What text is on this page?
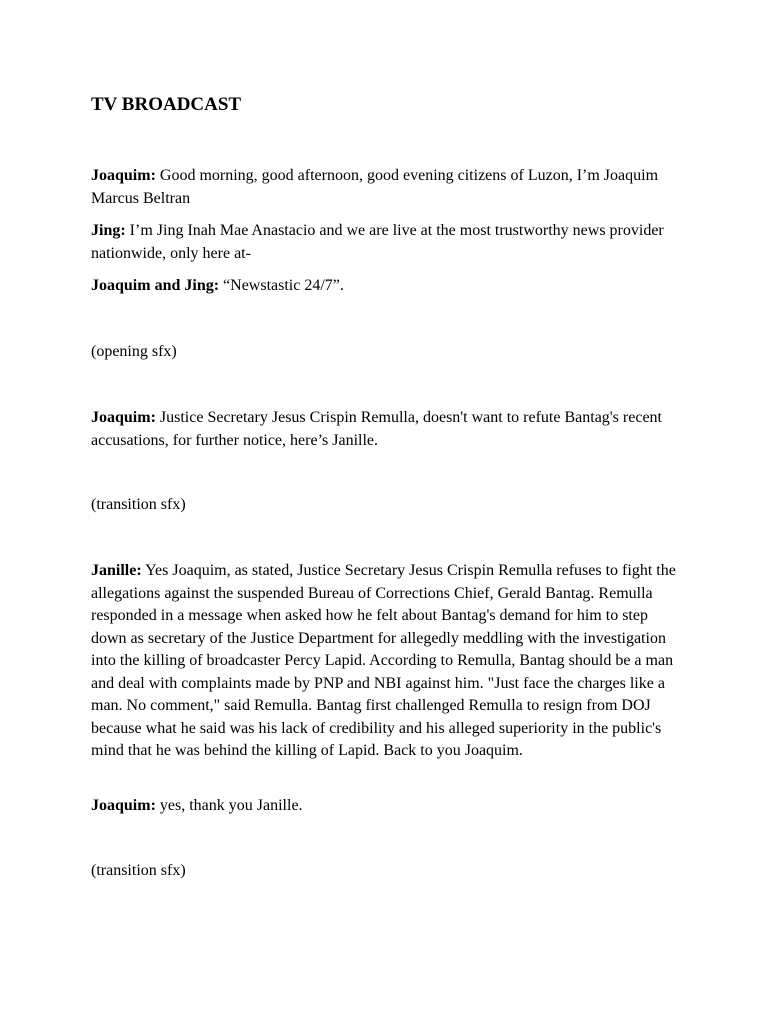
TV BROADCAST

Joaquim: Good morning, good afternoon, good evening citizens of Luzon, I’m Joaquim Marcus Beltran

Jing: I’m Jing Inah Mae Anastacio and we are live at the most trustworthy news provider nationwide, only here at-

Joaquim and Jing: “Newstastic 24/7”.

(opening sfx)

Joaquim: Justice Secretary Jesus Crispin Remulla, doesn't want to refute Bantag's recent accusations, for further notice, here’s Janille.

(transition sfx)

Janille: Yes Joaquim, as stated, Justice Secretary Jesus Crispin Remulla refuses to fight the allegations against the suspended Bureau of Corrections Chief, Gerald Bantag. Remulla responded in a message when asked how he felt about Bantag's demand for him to step down as secretary of the Justice Department for allegedly meddling with the investigation into the killing of broadcaster Percy Lapid. According to Remulla, Bantag should be a man and deal with complaints made by PNP and NBI against him. "Just face the charges like a man. No comment," said Remulla. Bantag first challenged Remulla to resign from DOJ because what he said was his lack of credibility and his alleged superiority in the public's mind that he was behind the killing of Lapid. Back to you Joaquim.

Joaquim: yes, thank you Janille.

(transition sfx)
